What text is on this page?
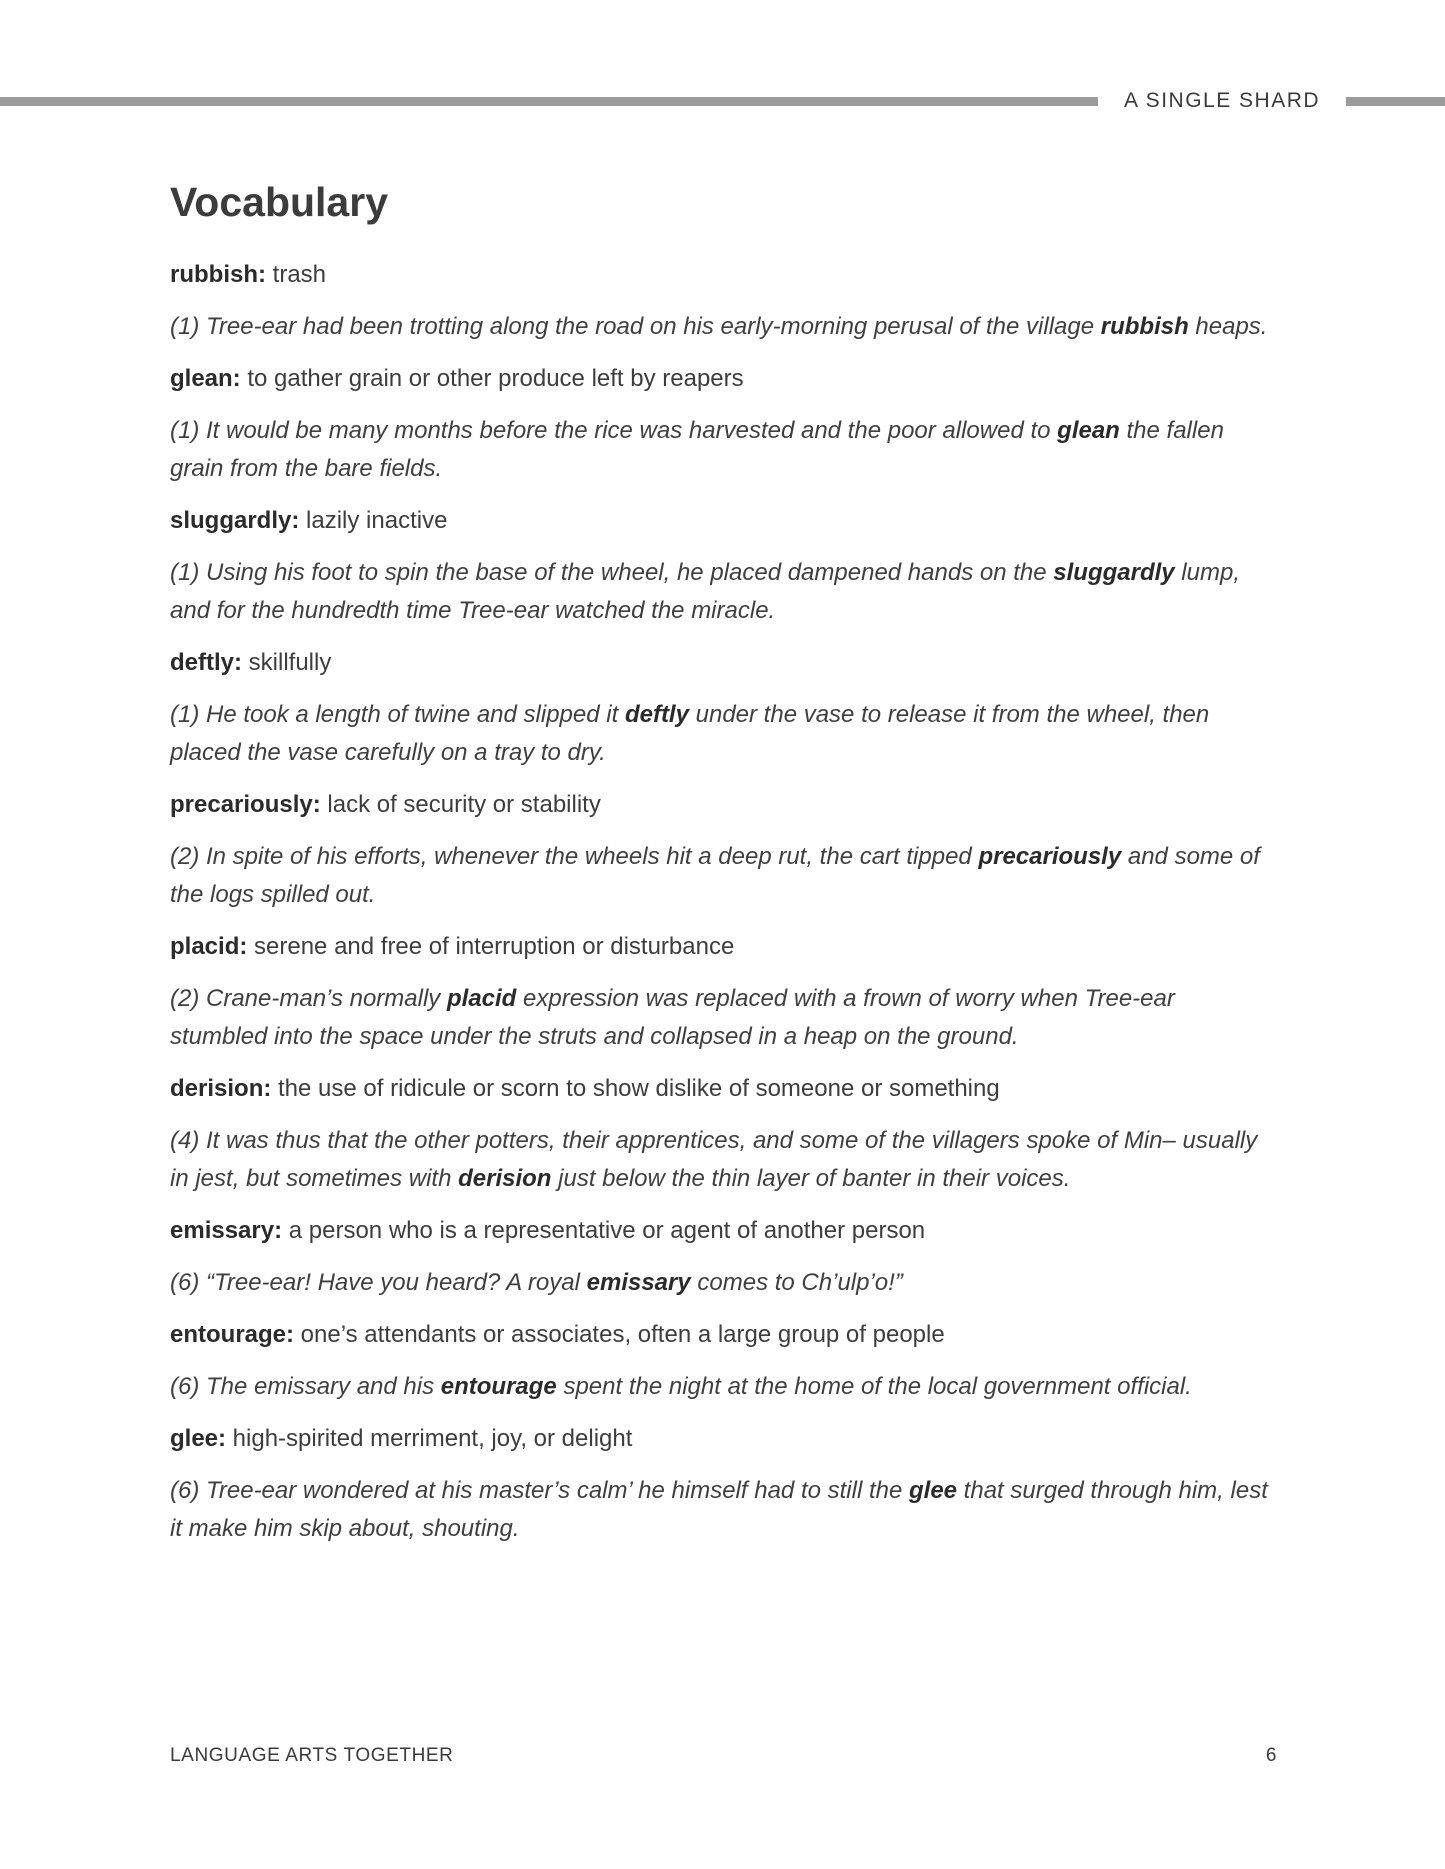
A SINGLE SHARD
Vocabulary

rubbish: trash

(1) Tree-ear had been trotting along the road on his early-morning perusal of the village rubbish heaps.

glean: to gather grain or other produce left by reapers

(1) It would be many months before the rice was harvested and the poor allowed to glean the fallen grain from the bare fields.

sluggardly: lazily inactive

(1) Using his foot to spin the base of the wheel, he placed dampened hands on the sluggardly lump, and for the hundredth time Tree-ear watched the miracle.

deftly: skillfully

(1) He took a length of twine and slipped it deftly under the vase to release it from the wheel, then placed the vase carefully on a tray to dry.

precariously: lack of security or stability

(2) In spite of his efforts, whenever the wheels hit a deep rut, the cart tipped precariously and some of the logs spilled out.

placid: serene and free of interruption or disturbance

(2) Crane-man’s normally placid expression was replaced with a frown of worry when Tree-ear stumbled into the space under the struts and collapsed in a heap on the ground.

derision: the use of ridicule or scorn to show dislike of someone or something

(4) It was thus that the other potters, their apprentices, and some of the villagers spoke of Min– usually in jest, but sometimes with derision just below the thin layer of banter in their voices.

emissary: a person who is a representative or agent of another person

(6) “Tree-ear! Have you heard? A royal emissary comes to Ch’ulp’o!”

entourage: one’s attendants or associates, often a large group of people

(6) The emissary and his entourage spent the night at the home of the local government official.

glee: high-spirited merriment, joy, or delight

(6) Tree-ear wondered at his master’s calm’ he himself had to still the glee that surged through him, lest it make him skip about, shouting.

LANGUAGE ARTS TOGETHER	6
